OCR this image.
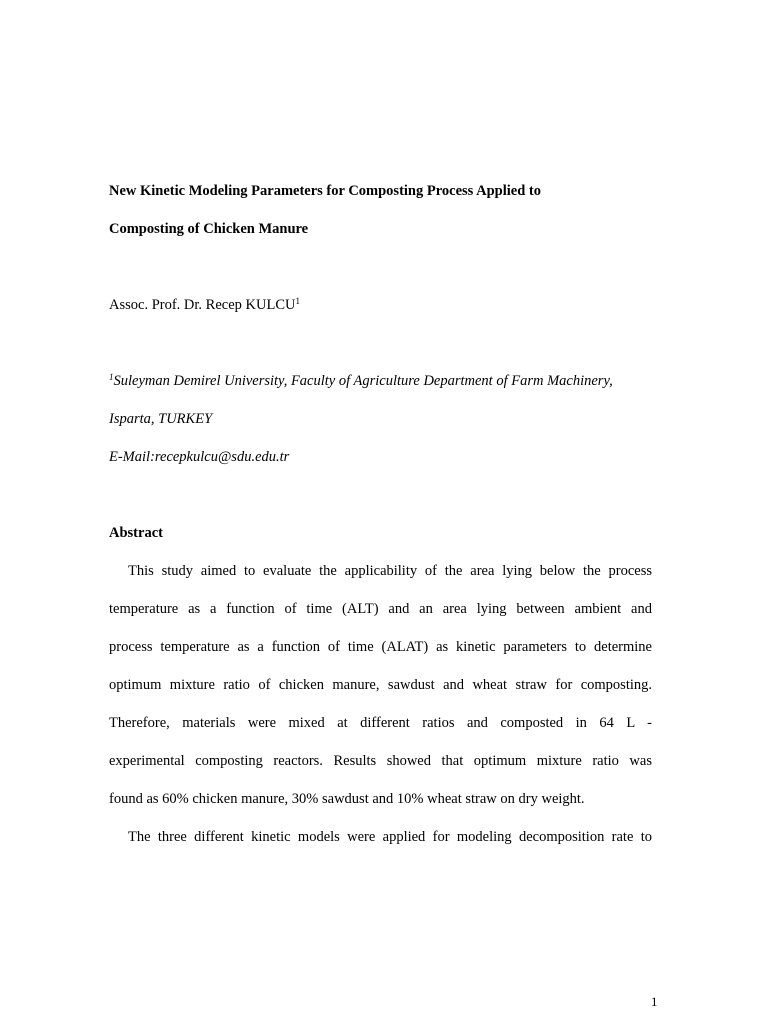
New Kinetic Modeling Parameters for Composting Process Applied to
Composting of Chicken Manure
Assoc. Prof. Dr. Recep KULCU$^1$
$^1$Suleyman Demirel University, Faculty of Agriculture Department of Farm Machinery,
Isparta, TURKEY
E-Mail:recepkulcu@sdu.edu.tr
Abstract
This study aimed to evaluate the applicability of the area lying below the process
temperature as a function of time (ALT) and an area lying between ambient and
process temperature as a function of time (ALAT) as kinetic parameters to determine
optimum mixture ratio of chicken manure, sawdust and wheat straw for composting.
Therefore, materials were mixed at different ratios and composted in 64 L -
experimental composting reactors. Results showed that optimum mixture ratio was
found as 60% chicken manure, 30% sawdust and 10% wheat straw on dry weight.
The three different kinetic models were applied for modeling decomposition rate to
1
